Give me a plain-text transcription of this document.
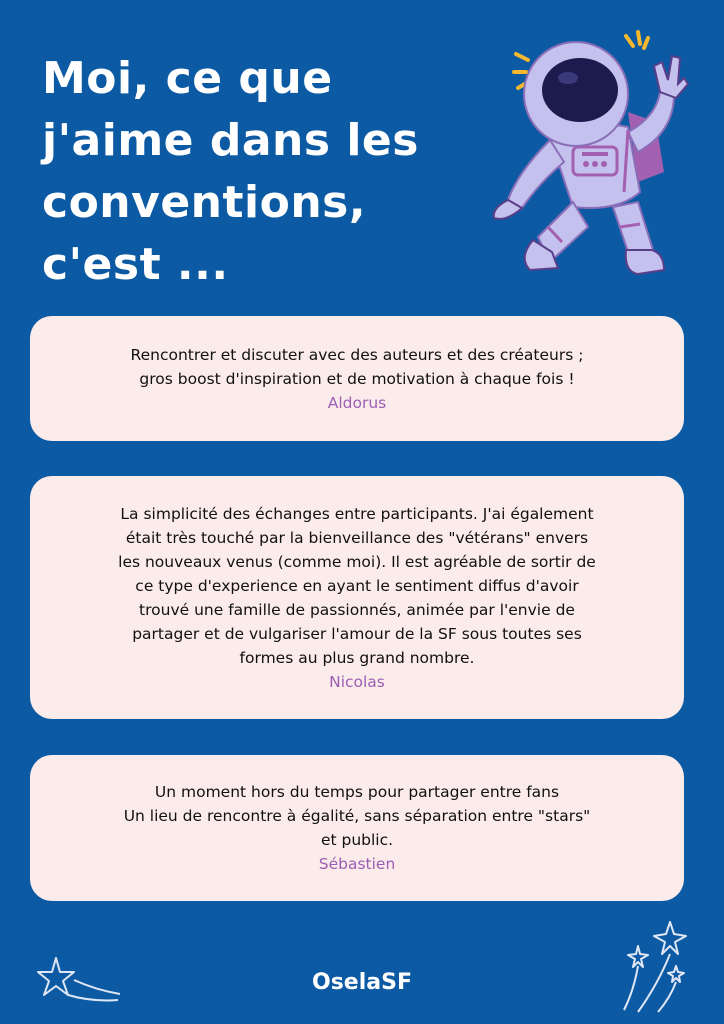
Moi, ce que
j'aime dans les
conventions,
c'est ...
Rencontrer et discuter avec des auteurs et des créateurs ;
gros boost d'inspiration et de motivation à chaque fois !
Aldorus
La simplicité des échanges entre participants. J'ai également
était très touché par la bienveillance des "vétérans" envers
les nouveaux venus (comme moi). Il est agréable de sortir de
ce type d'experience en ayant le sentiment diffus d'avoir
trouvé une famille de passionnés, animée par l'envie de
partager et de vulgariser l'amour de la SF sous toutes ses
formes au plus grand nombre.
Nicolas
Un moment hors du temps pour partager entre fans
Un lieu de rencontre à égalité, sans séparation entre "stars"
et public.
Sébastien
OselaSF
